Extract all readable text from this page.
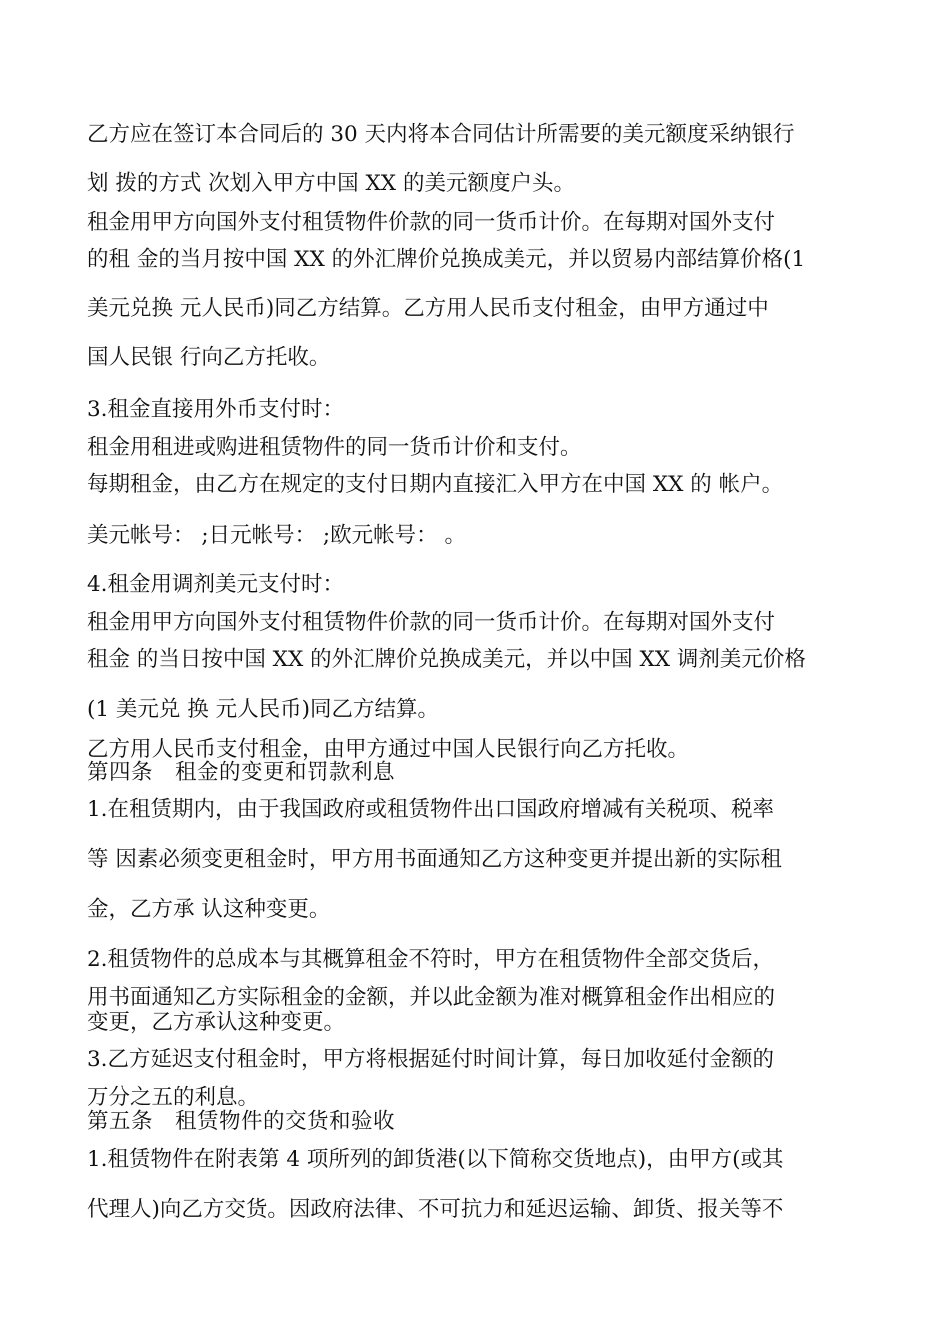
乙方应在签订本合同后的 30 天内将本合同估计所需要的美元额度采纳银行
划 拨的方式 次划入甲方中国 XX 的美元额度户头。
租金用甲方向国外支付租赁物件价款的同一货币计价。在每期对国外支付
的租 金的当月按中国 XX 的外汇牌价兑换成美元，并以贸易内部结算价格(1
美元兑换 元人民币)同乙方结算。乙方用人民币支付租金，由甲方通过中
国人民银 行向乙方托收。
3.租金直接用外币支付时：
租金用租进或购进租赁物件的同一货币计价和支付。
每期租金，由乙方在规定的支付日期内直接汇入甲方在中国 XX 的 帐户。
美元帐号： ;日元帐号： ;欧元帐号： 。
4.租金用调剂美元支付时：
租金用甲方向国外支付租赁物件价款的同一货币计价。在每期对国外支付
租金 的当日按中国 XX 的外汇牌价兑换成美元，并以中国 XX 调剂美元价格
(1 美元兑 换 元人民币)同乙方结算。
乙方用人民币支付租金，由甲方通过中国人民银行向乙方托收。
第四条　租金的变更和罚款利息
1.在租赁期内，由于我国政府或租赁物件出口国政府增减有关税项、税率
等 因素必须变更租金时，甲方用书面通知乙方这种变更并提出新的实际租
金，乙方承 认这种变更。
2.租赁物件的总成本与其概算租金不符时，甲方在租赁物件全部交货后，
用书面通知乙方实际租金的金额，并以此金额为准对概算租金作出相应的
变更，乙方承认这种变更。
3.乙方延迟支付租金时，甲方将根据延付时间计算，每日加收延付金额的
万分之五的利息。
第五条　租赁物件的交货和验收
1.租赁物件在附表第 4 项所列的卸货港(以下简称交货地点)，由甲方(或其
代理人)向乙方交货。因政府法律、不可抗力和延迟运输、卸货、报关等不
